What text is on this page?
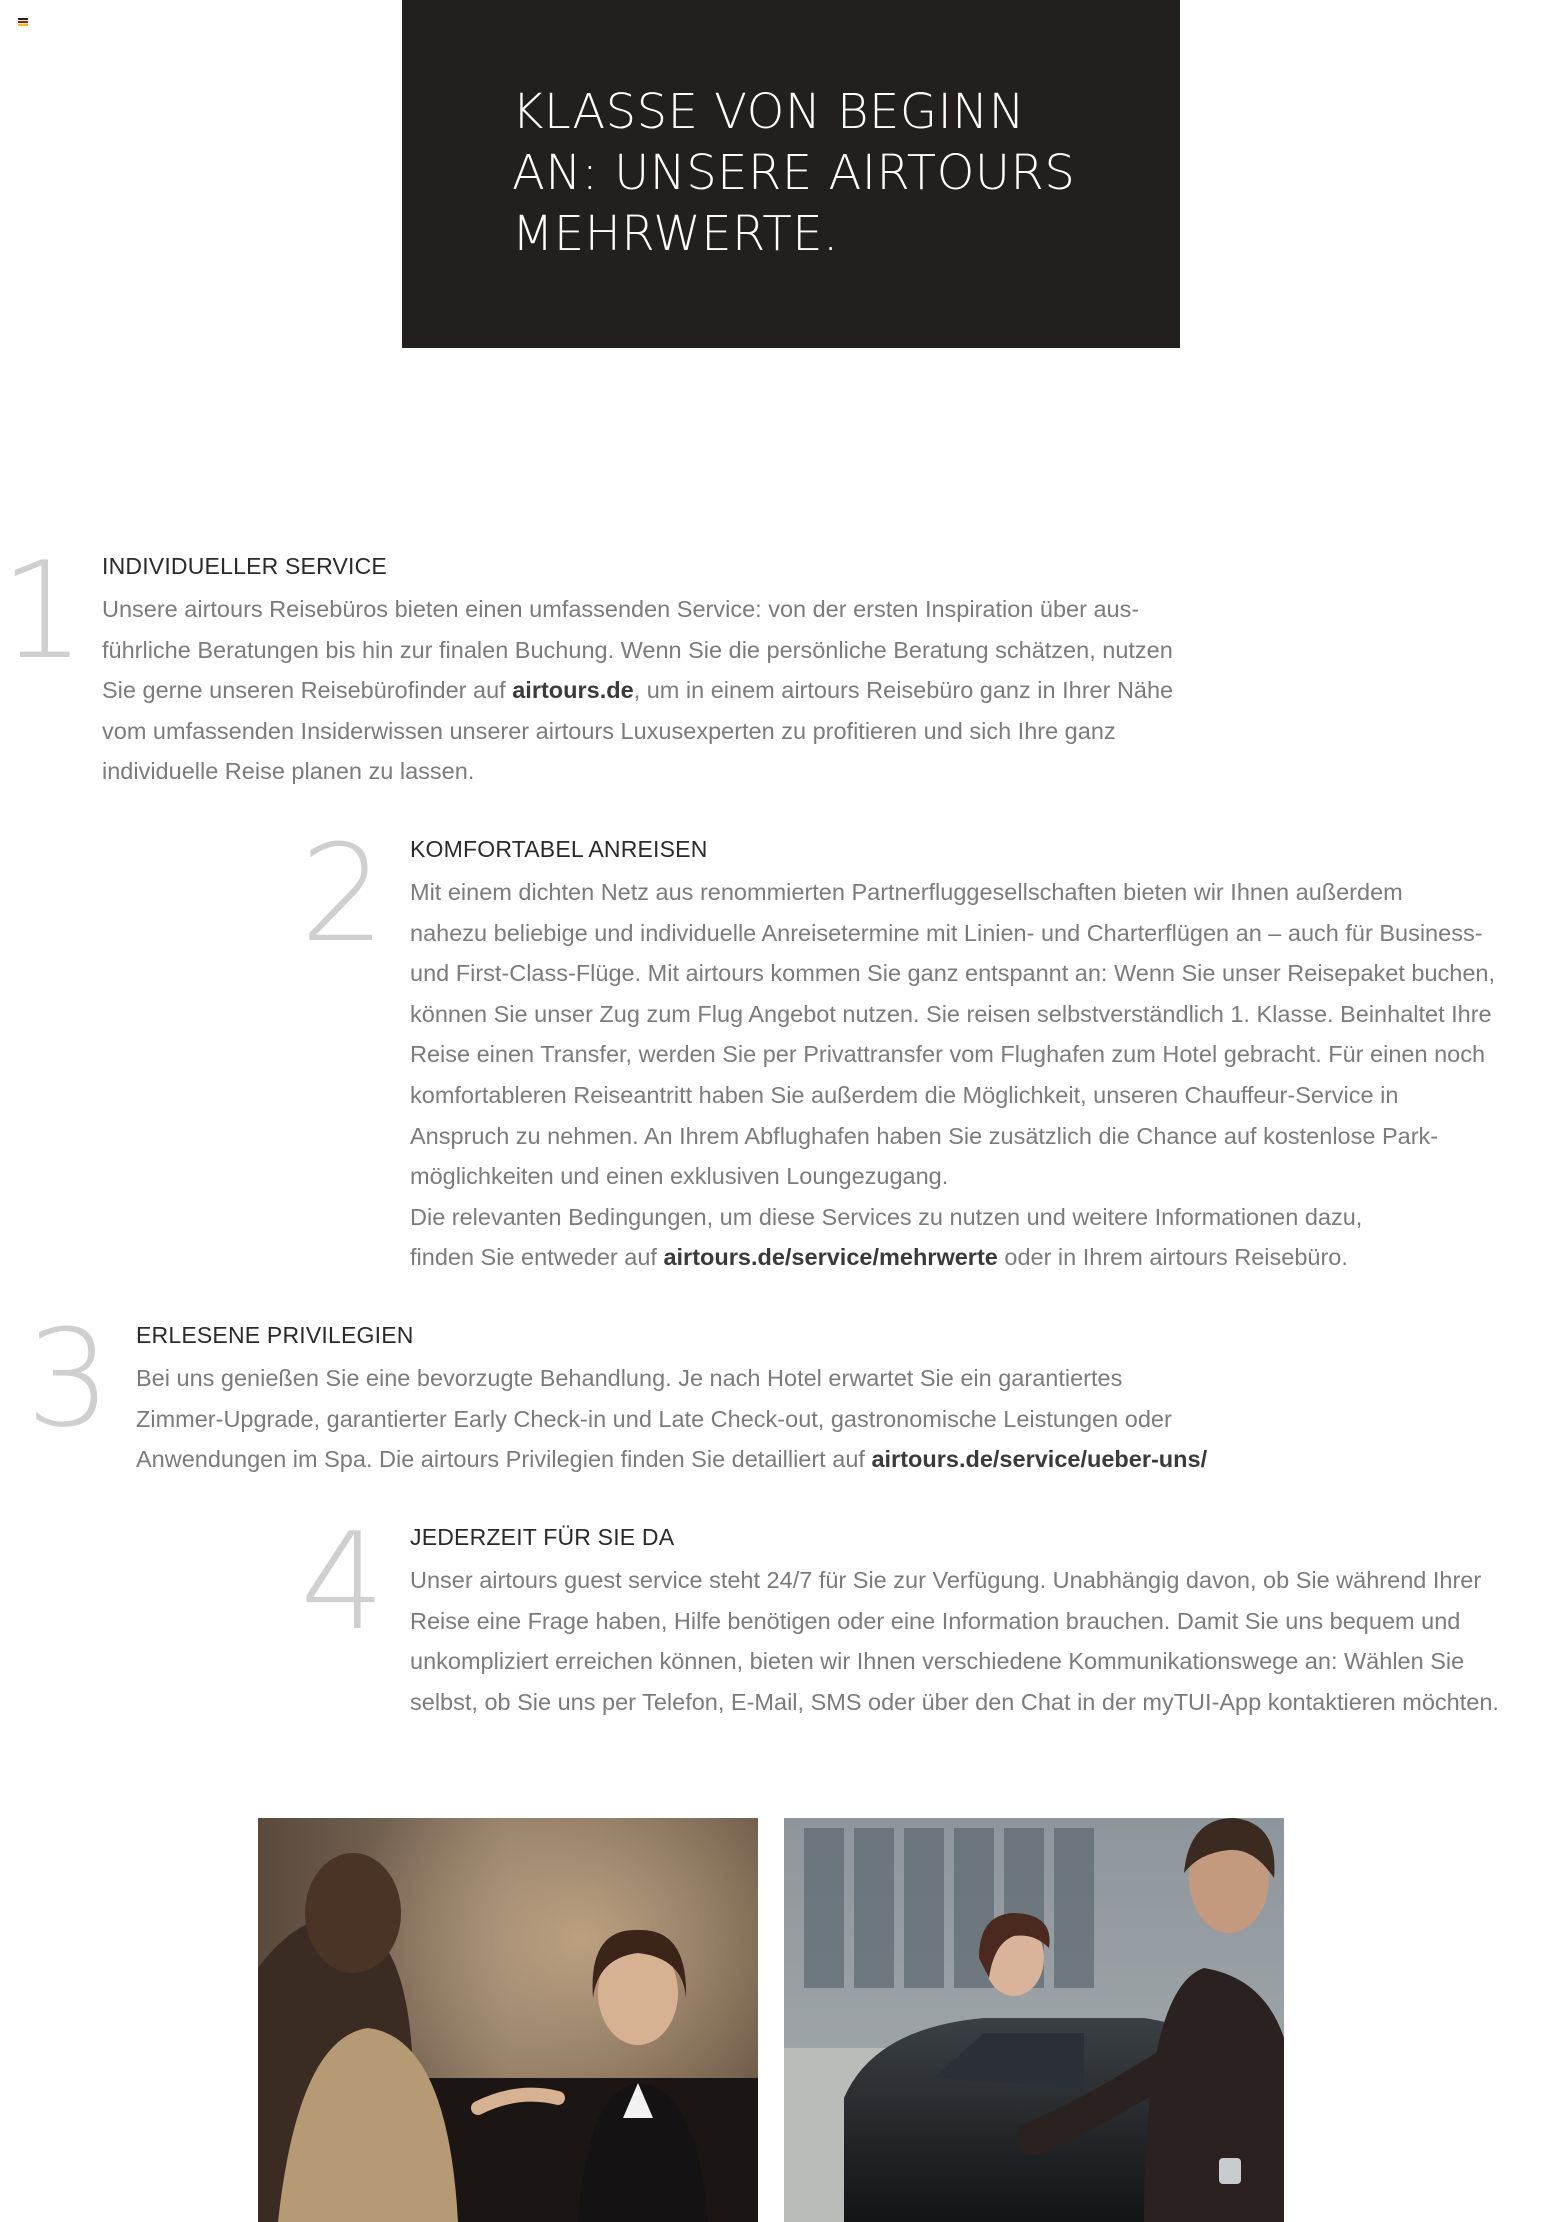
KLASSE VON BEGINN
AN: UNSERE AIRTOURS
MEHRWERTE.
1 INDIVIDUELLER SERVICE
Unsere airtours Reisebüros bieten einen umfassenden Service: von der ersten Inspiration über aus-
führliche Beratungen bis hin zur finalen Buchung. Wenn Sie die persönliche Beratung schätzen, nutzen
Sie gerne unseren Reisebürofinder auf airtours.de, um in einem airtours Reisebüro ganz in Ihrer Nähe
vom umfassenden Insiderwissen unserer airtours Luxusexperten zu profitieren und sich Ihre ganz
individuelle Reise planen zu lassen.
2 KOMFORTABEL ANREISEN
Mit einem dichten Netz aus renommierten Partnerfluggesellschaften bieten wir Ihnen außerdem
nahezu beliebige und individuelle Anreisetermine mit Linien- und Charterflügen an – auch für Business-
und First-Class-Flüge. Mit airtours kommen Sie ganz entspannt an: Wenn Sie unser Reisepaket buchen,
können Sie unser Zug zum Flug Angebot nutzen. Sie reisen selbstverständlich 1. Klasse. Beinhaltet Ihre
Reise einen Transfer, werden Sie per Privattransfer vom Flughafen zum Hotel gebracht. Für einen noch
komfortableren Reiseantritt haben Sie außerdem die Möglichkeit, unseren Chauffeur-Service in
Anspruch zu nehmen. An Ihrem Abflughafen haben Sie zusätzlich die Chance auf kostenlose Park-
möglichkeiten und einen exklusiven Loungezugang.
Die relevanten Bedingungen, um diese Services zu nutzen und weitere Informationen dazu,
finden Sie entweder auf airtours.de/service/mehrwerte oder in Ihrem airtours Reisebüro.
3 ERLESENE PRIVILEGIEN
Bei uns genießen Sie eine bevorzugte Behandlung. Je nach Hotel erwartet Sie ein garantiertes
Zimmer-Upgrade, garantierter Early Check-in und Late Check-out, gastronomische Leistungen oder
Anwendungen im Spa. Die airtours Privilegien finden Sie detailliert auf airtours.de/service/ueber-uns/
4 JEDERZEIT FÜR SIE DA
Unser airtours guest service steht 24/7 für Sie zur Verfügung. Unabhängig davon, ob Sie während Ihrer
Reise eine Frage haben, Hilfe benötigen oder eine Information brauchen. Damit Sie uns bequem und
unkompliziert erreichen können, bieten wir Ihnen verschiedene Kommunikationswege an: Wählen Sie
selbst, ob Sie uns per Telefon, E-Mail, SMS oder über den Chat in der myTUI-App kontaktieren möchten.
